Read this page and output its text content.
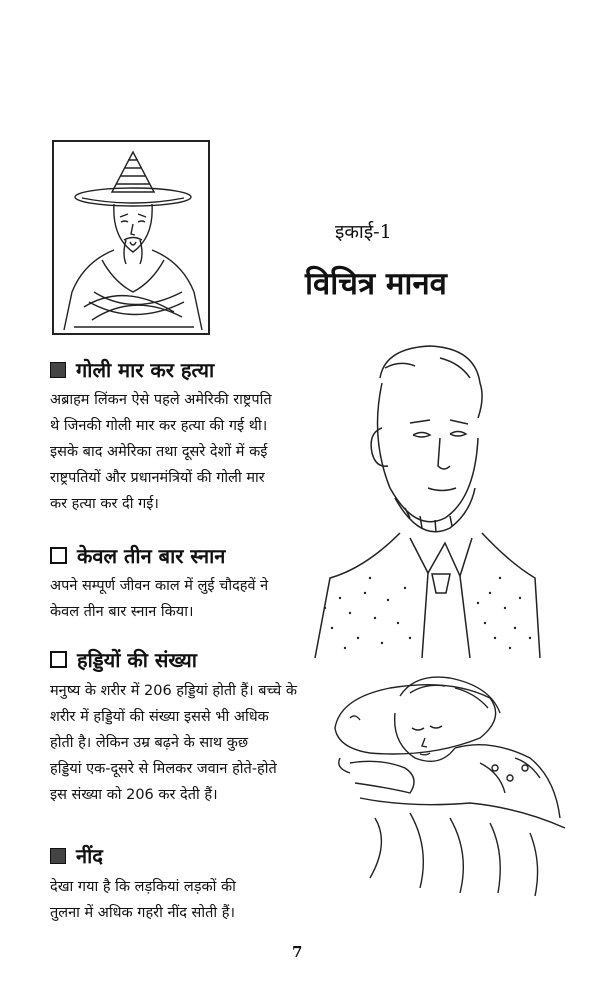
इकाई-1
विचित्र मानव
गोली मार कर हत्या
अब्राहम लिंकन ऐसे पहले अमेरिकी राष्ट्रपति
थे जिनकी गोली मार कर हत्या की गई थी।
इसके बाद अमेरिका तथा दूसरे देशों में कई
राष्ट्रपतियों और प्रधानमंत्रियों की गोली मार
कर हत्या कर दी गई।
केवल तीन बार स्नान
अपने सम्पूर्ण जीवन काल में लुई चौदहवें ने
केवल तीन बार स्नान किया।
हड्डियों की संख्या
मनुष्य के शरीर में 206 हड्डियां होती हैं। बच्चे के
शरीर में हड्डियों की संख्या इससे भी अधिक
होती है। लेकिन उम्र बढ़ने के साथ कुछ
हड्डियां एक-दूसरे से मिलकर जवान होते-होते
इस संख्या को 206 कर देती हैं।
नींद
देखा गया है कि लड़कियां लड़कों की
तुलना में अधिक गहरी नींद सोती हैं।
7
